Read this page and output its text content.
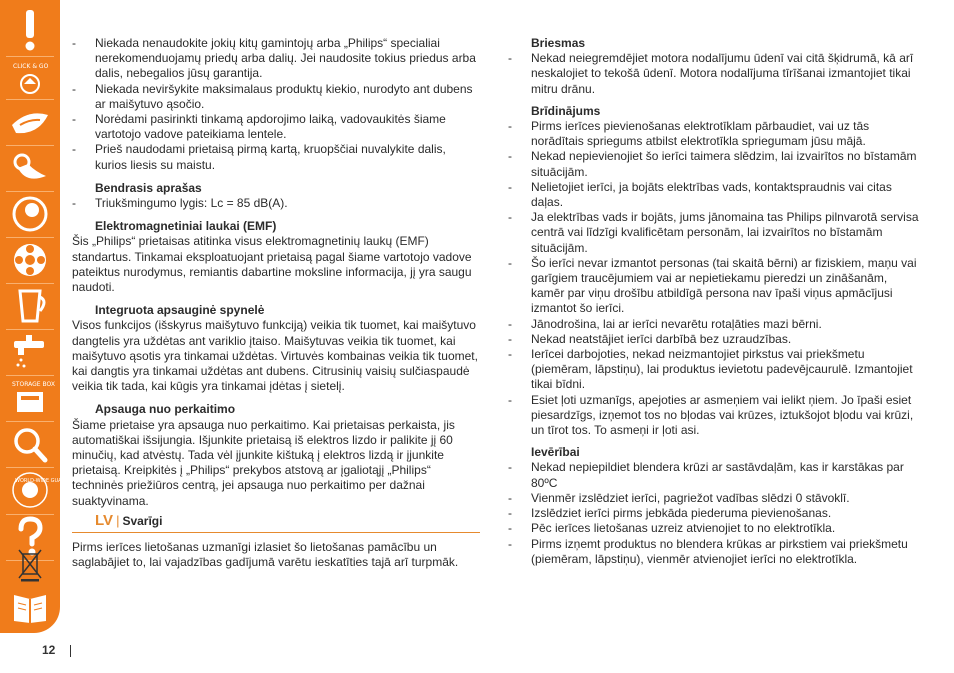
CLICK & GO
STORAGE BOX
WORLD-WIDE GUARANTEE

- Niekada nenaudokite jokių kitų gamintojų arba „Philips“ specialiai nerekomenduojamų priedų arba dalių. Jei naudosite tokius priedus arba dalis, nebegalios jūsų garantija.

- Niekada neviršykite maksimalaus produktų kiekio, nurodyto ant dubens ar maišytuvo ąsočio.

- Norėdami pasirinkti tinkamą apdorojimo laiką, vadovaukitės šiame vartotojo vadove pateikiama lentele.

- Prieš naudodami prietaisą pirmą kartą, kruopščiai nuvalykite dalis, kurios liesis su maistu.

Bendrasis aprašas

- Triukšmingumo lygis: Lc = 85 dB(A).

Elektromagnetiniai laukai (EMF)

Šis „Philips“ prietaisas atitinka visus elektromagnetinių laukų (EMF) standartus. Tinkamai eksploatuojant prietaisą pagal šiame vartotojo vadove pateiktus nurodymus, remiantis dabartine moksline informacija, jį yra saugu naudoti.

Integruota apsauginė spynelė

Visos funkcijos (išskyrus maišytuvo funkciją) veikia tik tuomet, kai maišytuvo dangtelis yra uždėtas ant variklio įtaiso. Maišytuvas veikia tik tuomet, kai maišytuvo ąsotis yra tinkamai uždėtas. Virtuvės kombainas veikia tik tuomet, kai dangtis yra tinkamai uždėtas ant dubens. Citrusinių vaisių sulčiaspaudė veikia tik tada, kai kūgis yra tinkamai įdėtas į sietelį.

Apsauga nuo perkaitimo

Šiame prietaise yra apsauga nuo perkaitimo. Kai prietaisas perkaista, jis automatiškai išsijungia. Išjunkite prietaisą iš elektros lizdo ir palikite jį 60 minučių, kad atvėstų. Tada vėl įjunkite kištuką į elektros lizdą ir įjunkite prietaisą. Kreipkitės į „Philips“ prekybos atstovą ar įgaliotąjį „Philips“ techninės priežiūros centrą, jei apsauga nuo perkaitimo per dažnai suaktyvinama.

LV | Svarīgi

Pirms ierīces lietošanas uzmanīgi izlasiet šo lietošanas pamācību un saglabājiet to, lai vajadzības gadījumā varētu ieskatīties tajā arī turpmāk.

Briesmas

- Nekad neiegremdējiet motora nodalījumu ūdenī vai citā šķidrumā, kā arī neskalojiet to tekošā ūdenī. Motora nodalījuma tīrīšanai izmantojiet tikai mitru drānu.

Brīdinājums

- Pirms ierīces pievienošanas elektrotīklam pārbaudiet, vai uz tās norādītais spriegums atbilst elektrotīkla spriegumam jūsu mājā.

- Nekad nepievienojiet šo ierīci taimera slēdzim, lai izvairītos no bīstamām situācijām.

- Nelietojiet ierīci, ja bojāts elektrības vads, kontaktspraudnis vai citas daļas.

- Ja elektrības vads ir bojāts, jums jānomaina tas Philips pilnvarotā servisa centrā vai līdzīgi kvalificētam personām, lai izvairītos no bīstamām situācijām.

- Šo ierīci nevar izmantot personas (tai skaitā bērni) ar fiziskiem, maņu vai garīgiem traucējumiem vai ar nepietiekamu pieredzi un zināšanām, kamēr par viņu drošību atbildīgā persona nav īpaši viņus apmācījusi izmantot šo ierīci.

- Jānodrošina, lai ar ierīci nevarētu rotaļāties mazi bērni.

- Nekad neatstājiet ierīci darbībā bez uzraudzības.

- Ierīcei darbojoties, nekad neizmantojiet pirkstus vai priekšmetu (piemēram, lāpstiņu), lai produktus ievietotu padevējcaurulē. Izmantojiet tikai bīdni.

- Esiet ļoti uzmanīgs, apejoties ar asmeņiem vai ielikt ņiem. Jo īpaši esiet piesardzīgs, izņemot tos no bļodas vai krūzes, iztukšojot bļodu vai krūzi, un tīrot tos. To asmeņi ir ļoti asi.

Ievērībai

- Nekad nepiepildiet blendera krūzi ar sastāvdaļām, kas ir karstākas par 80ºC

- Vienmēr izslēdziet ierīci, pagriežot vadības slēdzi 0 stāvoklī.

- Izslēdziet ierīci pirms jebkāda piederuma pievienošanas.

- Pēc ierīces lietošanas uzreiz atvienojiet to no elektrotīkla.

- Pirms izņemt produktus no blendera krūkas ar pirkstiem vai priekšmetu (piemēram, lāpstiņu), vienmēr atvienojiet ierīci no elektrotīkla.

12
